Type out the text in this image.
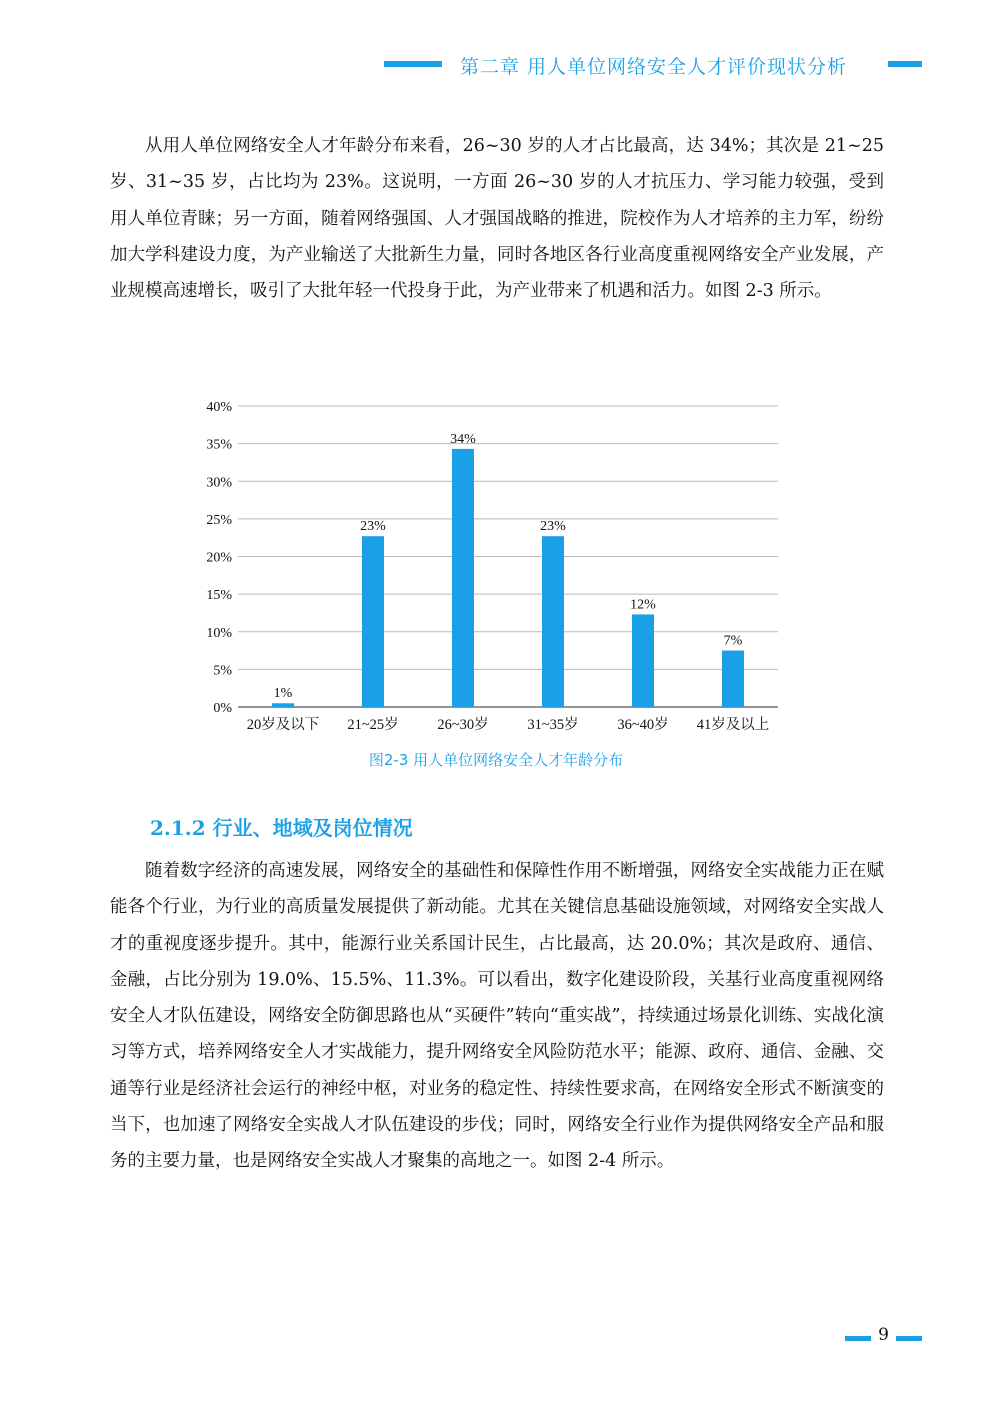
第二章 用人单位网络安全人才评价现状分析

从用人单位网络安全人才年龄分布来看，26~30 岁的人才占比最高，达 34%；其次是 21~25 岁、31~35 岁，占比均为 23%。这说明，一方面 26~30 岁的人才抗压力、学习能力较强，受到用人单位青睐；另一方面，随着网络强国、人才强国战略的推进，院校作为人才培养的主力军，纷纷加大学科建设力度，为产业输送了大批新生力量，同时各地区各行业高度重视网络安全产业发展，产业规模高速增长，吸引了大批年轻一代投身于此，为产业带来了机遇和活力。如图 2-3 所示。

0%
5%
10%
15%
20%
25%
30%
35%
40%
1%
23%
34%
23%
12%
7%
20岁及以下 21~25岁	26~30岁	31~35岁	36~40岁 41岁及以上
图2-3 用人单位网络安全人才年龄分布
2.1.2 行业、地域及岗位情况

随着数字经济的高速发展，网络安全的基础性和保障性作用不断增强，网络安全实战能力正在赋能各个行业，为行业的高质量发展提供了新动能。尤其在关键信息基础设施领域，对网络安全实战人才的重视度逐步提升。其中，能源行业关系国计民生，占比最高，达 20.0%；其次是政府、通信、金融，占比分别为 19.0%、15.5%、11.3%。可以看出，数字化建设阶段，关基行业高度重视网络安全人才队伍建设，网络安全防御思路也从“买硬件”转向“重实战”，持续通过场景化训练、实战化演习等方式，培养网络安全人才实战能力，提升网络安全风险防范水平；能源、政府、通信、金融、交通等行业是经济社会运行的神经中枢，对业务的稳定性、持续性要求高，在网络安全形式不断演变的当下，也加速了网络安全实战人才队伍建设的步伐；同时，网络安全行业作为提供网络安全产品和服务的主要力量，也是网络安全实战人才聚集的高地之一。如图 2-4 所示。

9
